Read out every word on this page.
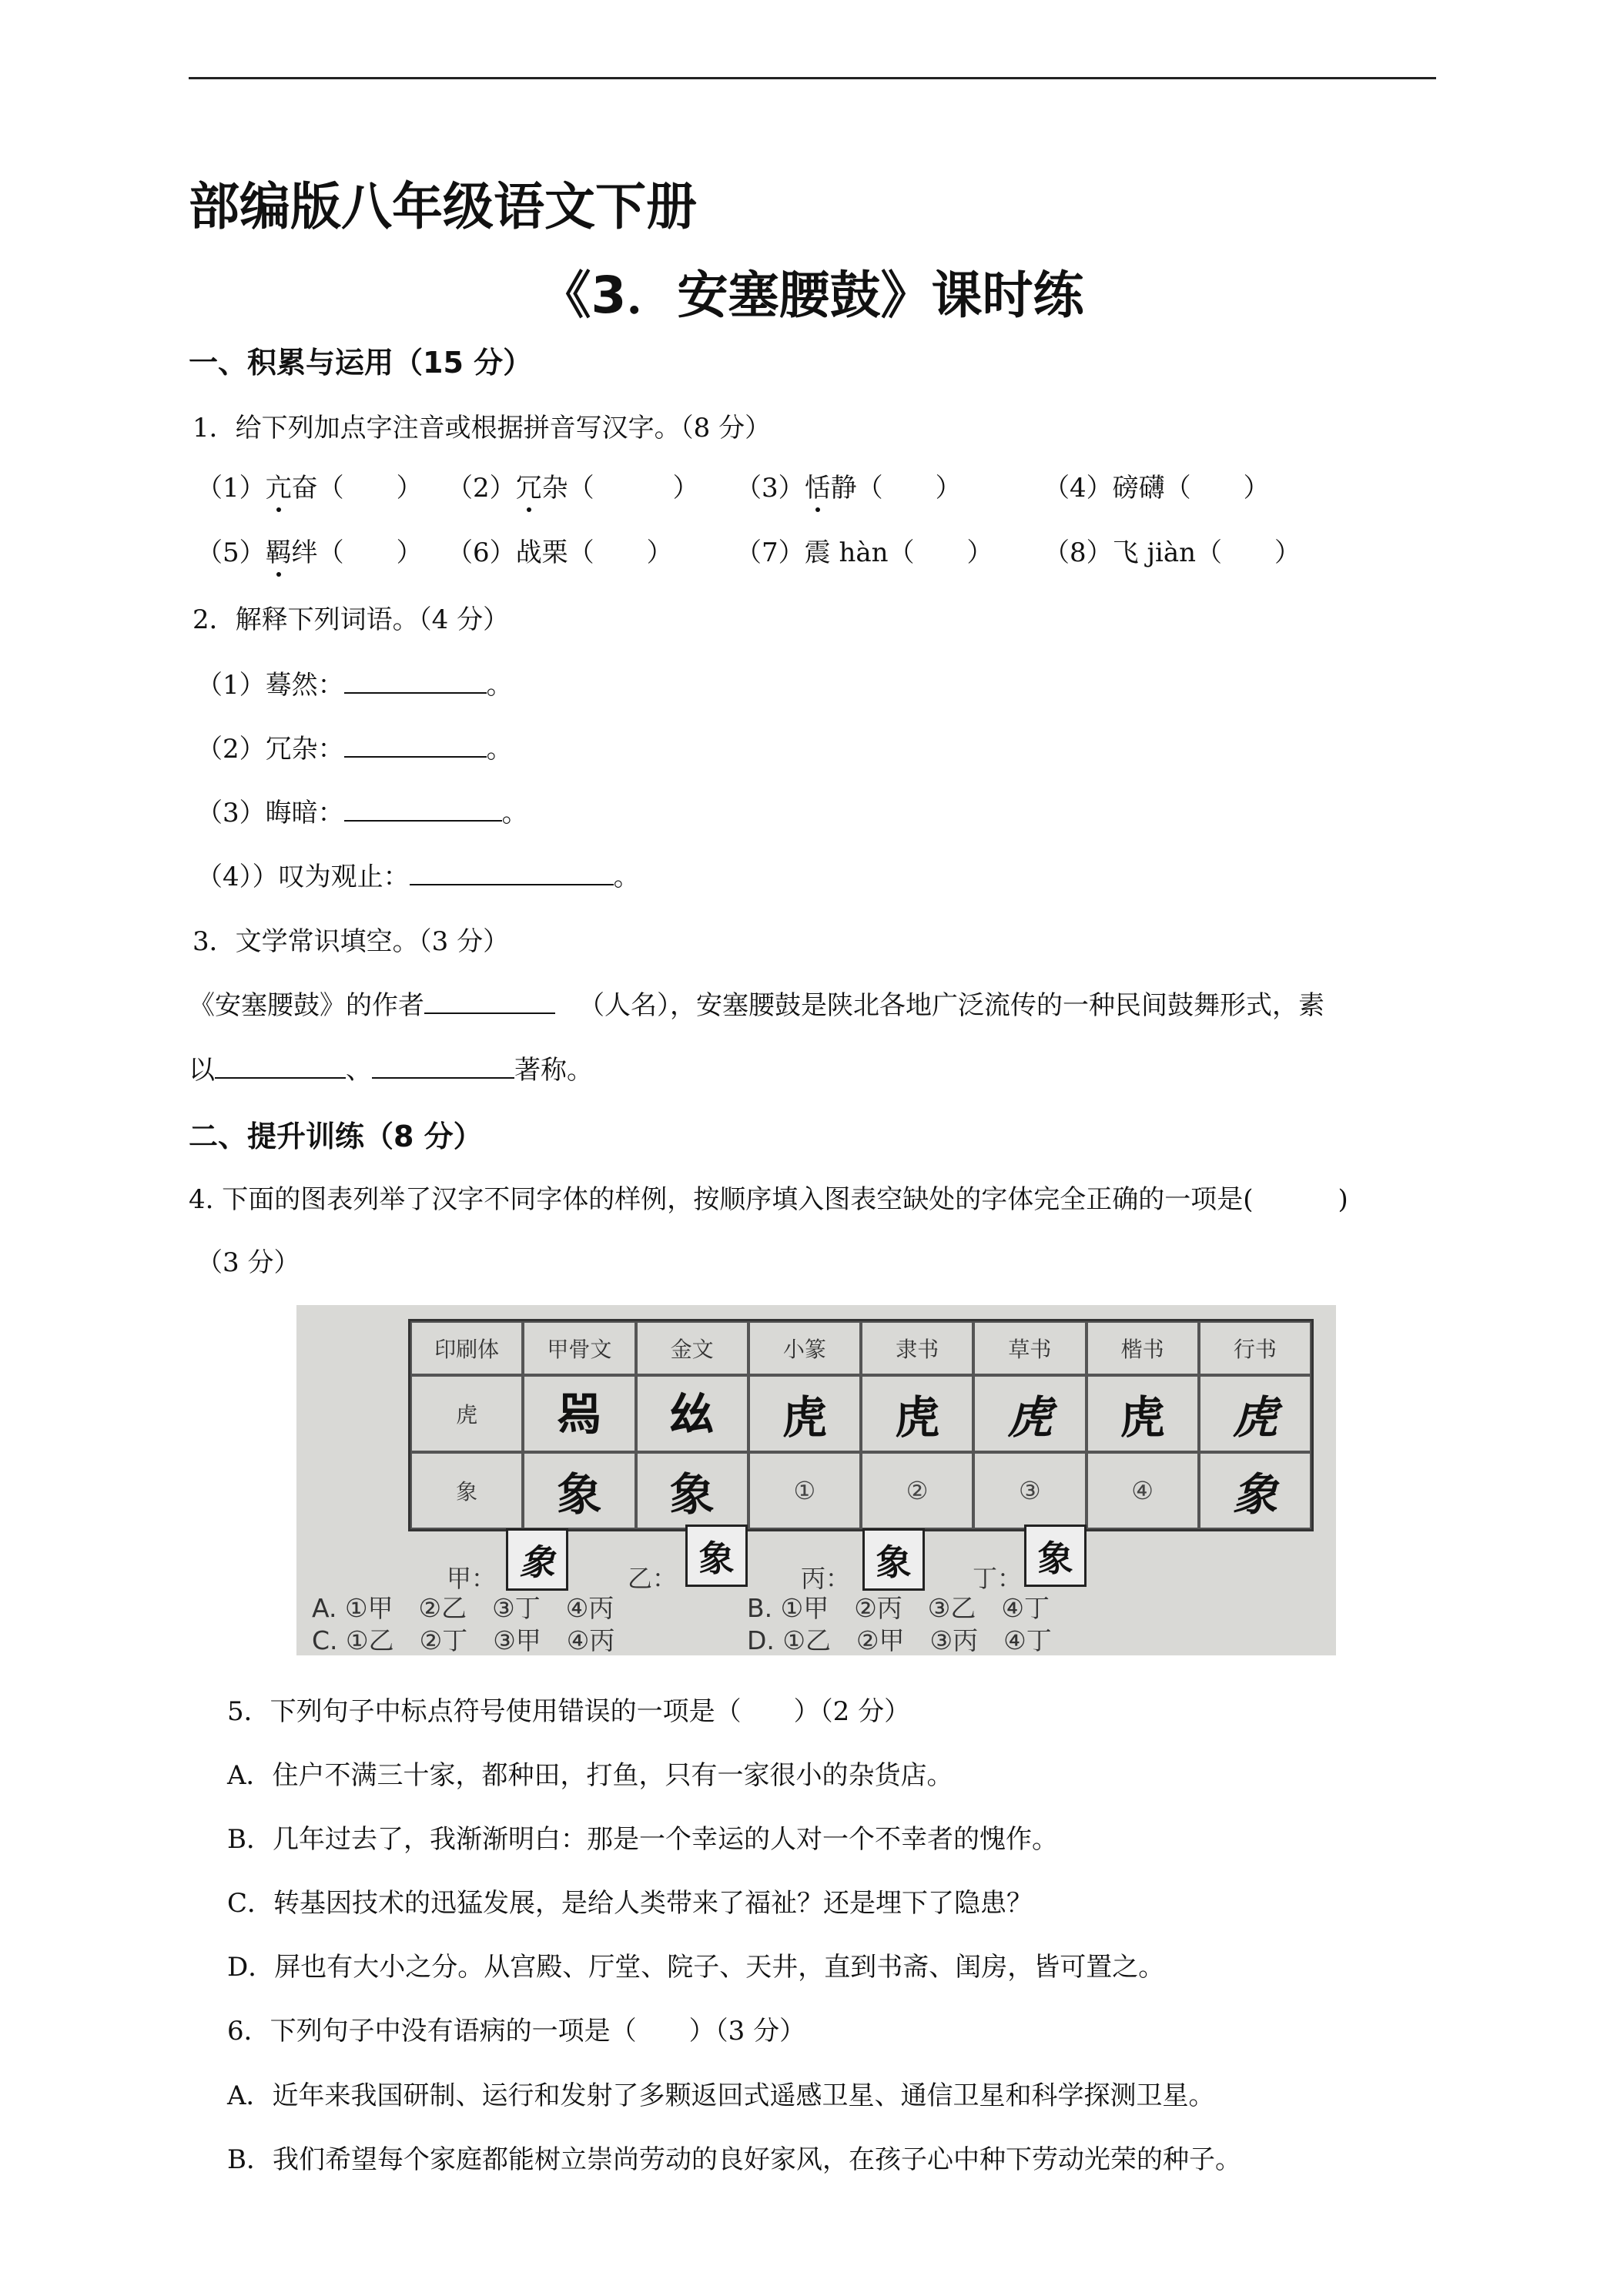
部编版八年级语文下册
《3．安塞腰鼓》课时练
一、积累与运用（15 分）
1．给下列加点字注音或根据拼音写汉字。（8 分）
（1）亢奋（　　） （2）冗杂（　　　） （3）恬静（　　）	（4）磅礴（　　）
（5）羁绊（　　） （6）战栗（　　） （7）震 hàn（　　） （8）飞 jiàn（　　）
2．解释下列词语。（4 分）
（1）蓦然：	。
（2）冗杂：	。
（3）晦暗：	。
（4））叹为观止：	。
3．文学常识填空。（3 分）
《安塞腰鼓》的作者	（人名），安塞腰鼓是陕北各地广泛流传的一种民间鼓舞形式，素
以	、	著称。
二、提升训练（8 分）
4. 下面的图表列举了汉字不同字体的样例，按顺序填入图表空缺处的字体完全正确的一项是(	)
（3 分）
印刷体	甲骨文	金文	小篆	隶书	草书	楷书	行书
虎	𤉡	𢆶	虎	虎	虎	虎	虎
象	象	象	①	②	③	④	象
甲： 象	乙： 象	丙： 象	丁： 象
A. ①甲　②乙　③丁　④丙	B. ①甲　②丙　③乙　④丁
C. ①乙　②丁　③甲　④丙	D. ①乙　②甲　③丙　④丁
5．下列句子中标点符号使用错误的一项是（　　）（2 分）
A．住户不满三十家，都种田，打鱼，只有一家很小的杂货店。
B．几年过去了，我渐渐明白：那是一个幸运的人对一个不幸者的愧作。
C．转基因技术的迅猛发展，是给人类带来了福祉？还是埋下了隐患？
D．屏也有大小之分。从宫殿、厅堂、院子、天井，直到书斋、闺房，皆可置之。
6．下列句子中没有语病的一项是（　　）（3 分）
A．近年来我国研制、运行和发射了多颗返回式遥感卫星、通信卫星和科学探测卫星。
B．我们希望每个家庭都能树立崇尚劳动的良好家风，在孩子心中种下劳动光荣的种子。
